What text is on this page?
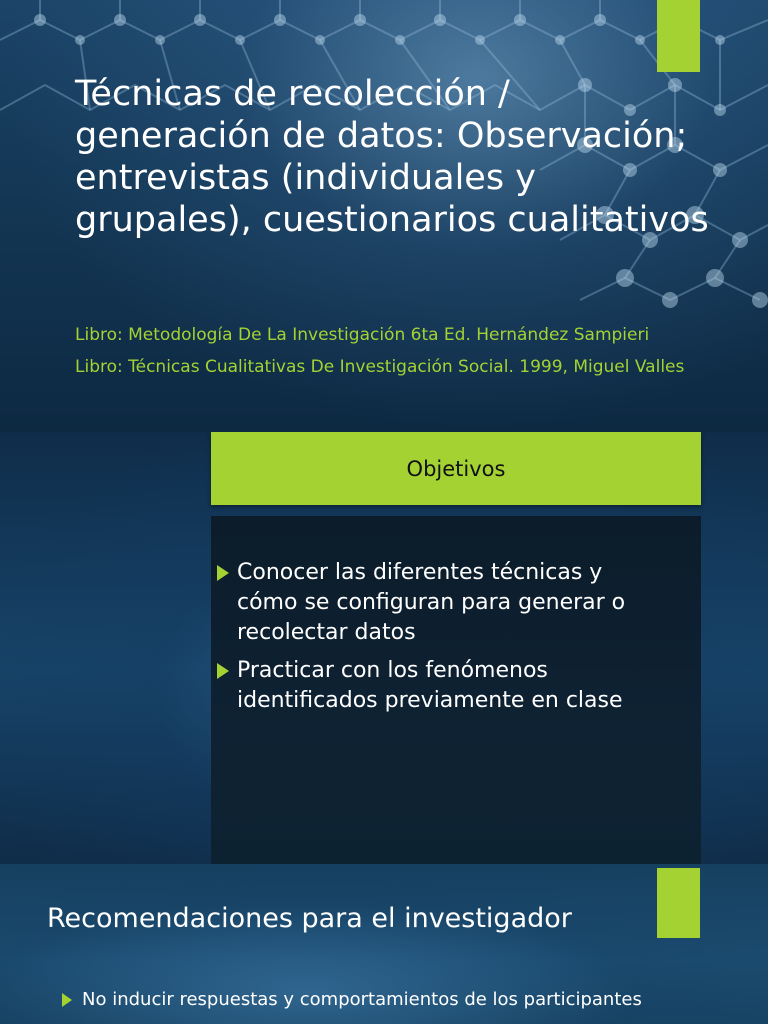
Técnicas de recolección / generación de datos: Observación; entrevistas (individuales y grupales), cuestionarios cualitativos

Libro: Metodología De La Investigación 6ta Ed. Hernández Sampieri

Libro: Técnicas Cualitativas De Investigación Social. 1999, Miguel Valles

Objetivos
Conocer las diferentes técnicas y cómo se configuran para generar o recolectar datos
Practicar con los fenómenos identificados previamente en clase
Recomendaciones para el investigador
No inducir respuestas y comportamientos de los participantes
